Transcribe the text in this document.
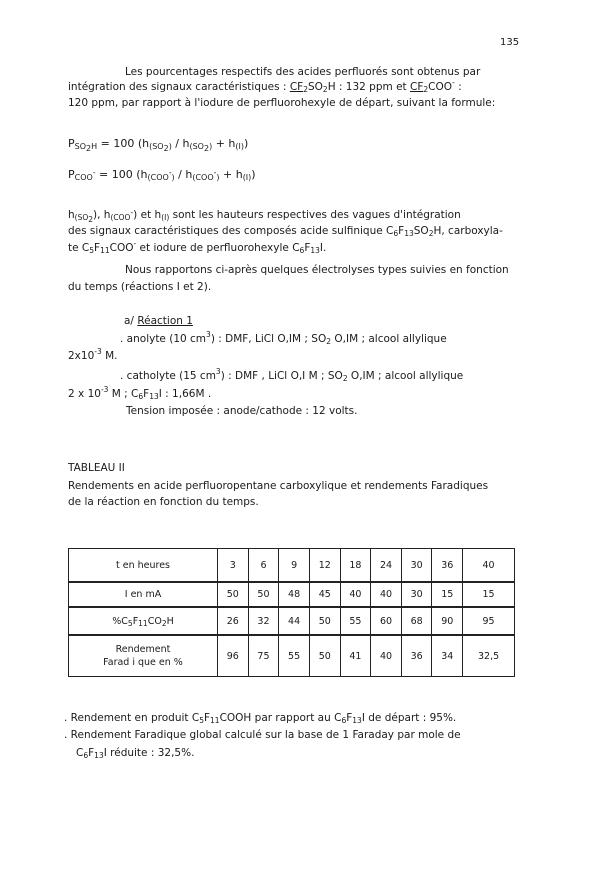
135
Les pourcentages respectifs des acides perfluorés sont obtenus par
intégration des signaux caractéristiques : $CF_2SO_2H$ : 132 ppm et $CF_2COO^-$ :
120 ppm, par rapport à l'iodure de perfluorohexyle de départ, suivant la formule:
$P_{SO_2H} = 100$ $(h_{(SO_2)} / h_{(SO_2)} + h_{(I)})$
$P_{COO^-} = 100$ $(h_{(COO^-)} / h_{(COO^-)} + h_{(I)})$
$h_{(SO_2}$), $h_{(COO^-}$) et $h_{(I)}$ sont les hauteurs respectives des vagues d'intégration
des signaux caractéristiques des composés acide sulfinique $C_6F_{13}SO_2H$, carboxyla-
te $C_5F_{11}COO^-$ et iodure de perfluorohexyle $C_6F_{13}I$.
Nous rapportons ci-après quelques électrolyses types suivies en fonction
du temps (réactions I et 2).
a/ Réaction 1
. anolyte (10 $cm^3$) : DMF, LiCl O,IM ; $SO_2$ O,IM ; alcool allylique
$2x10^{-3}$ M.
. catholyte (15 $cm^3$) : DMF , LiCl O,I M ; $SO_2$ O,IM ; alcool allylique
2 x $10^{-3}$ M ; $C_6F_{13}I$ : 1,66M .
Tension imposée : anode/cathode : 12 volts.
TABLEAU II
Rendements en acide perfluoropentane carboxylique et rendements Faradiques
de la réaction en fonction du temps.
t en heures	3	6	9	12	18	24	30	36	40
I en mA	50	50	48	45	40	40	30	15	15
$\%C_5F_{11}CO_2H$	26	32	44	50	55	60	68	90	95

Rendement
Farad i que en %	96	75	55	50	41	40	36	34	32,5
. Rendement en produit $C_5F_{11}COOH$ par rapport au $C_6F_{13}I$ de départ : 95%.
. Rendement Faradique global calculé sur la base de 1 Faraday par mole de
$C_6F_{13}I$ réduite : 32,5%.
